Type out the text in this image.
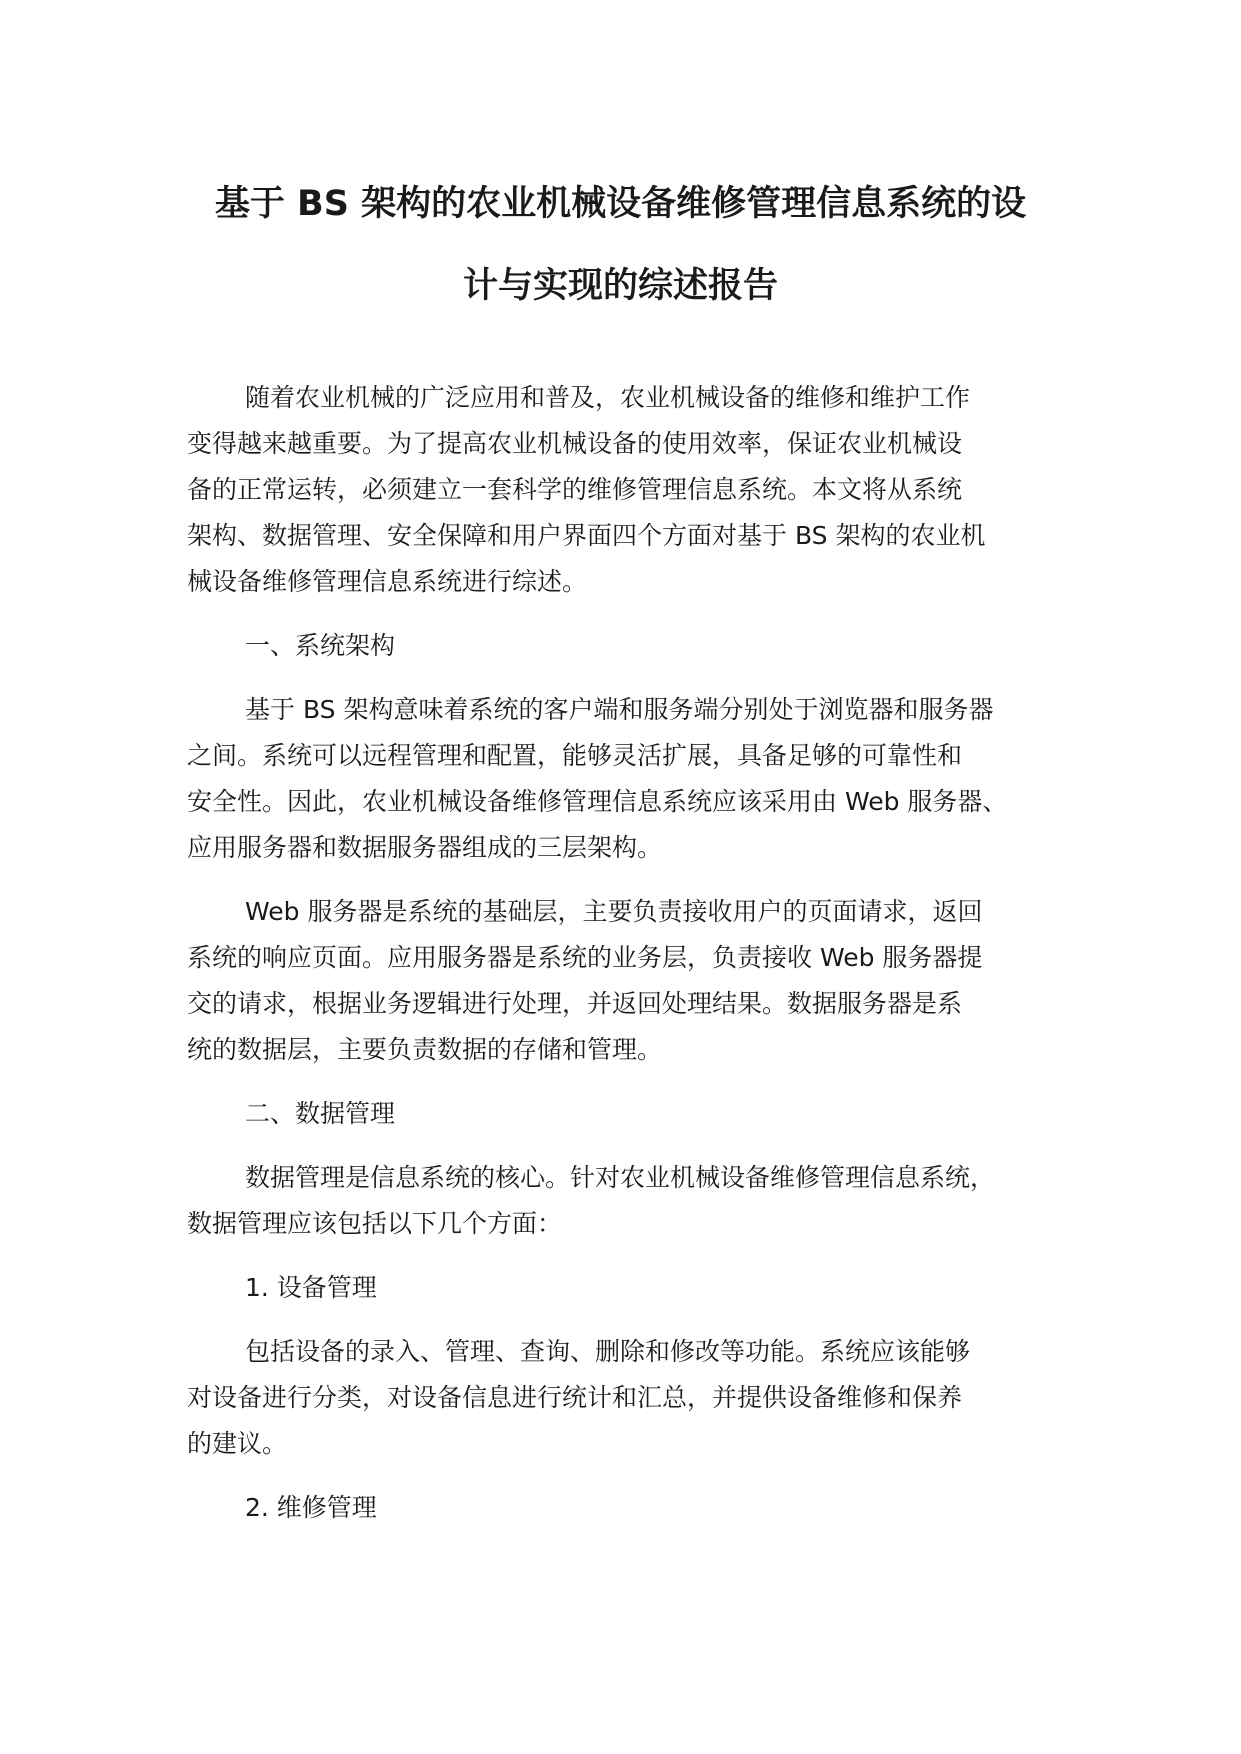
基于 BS 架构的农业机械设备维修管理信息系统的设
计与实现的综述报告

随着农业机械的广泛应用和普及，农业机械设备的维修和维护工作
变得越来越重要。为了提高农业机械设备的使用效率，保证农业机械设
备的正常运转，必须建立一套科学的维修管理信息系统。本文将从系统
架构、数据管理、安全保障和用户界面四个方面对基于 BS 架构的农业机
械设备维修管理信息系统进行综述。

一、系统架构

基于 BS 架构意味着系统的客户端和服务端分别处于浏览器和服务器
之间。系统可以远程管理和配置，能够灵活扩展，具备足够的可靠性和
安全性。因此，农业机械设备维修管理信息系统应该采用由 Web 服务器、
应用服务器和数据服务器组成的三层架构。

Web 服务器是系统的基础层，主要负责接收用户的页面请求，返回
系统的响应页面。应用服务器是系统的业务层，负责接收 Web 服务器提
交的请求，根据业务逻辑进行处理，并返回处理结果。数据服务器是系
统的数据层，主要负责数据的存储和管理。

二、数据管理

数据管理是信息系统的核心。针对农业机械设备维修管理信息系统，
数据管理应该包括以下几个方面：

1. 设备管理

包括设备的录入、管理、查询、删除和修改等功能。系统应该能够
对设备进行分类，对设备信息进行统计和汇总，并提供设备维修和保养
的建议。

2. 维修管理
